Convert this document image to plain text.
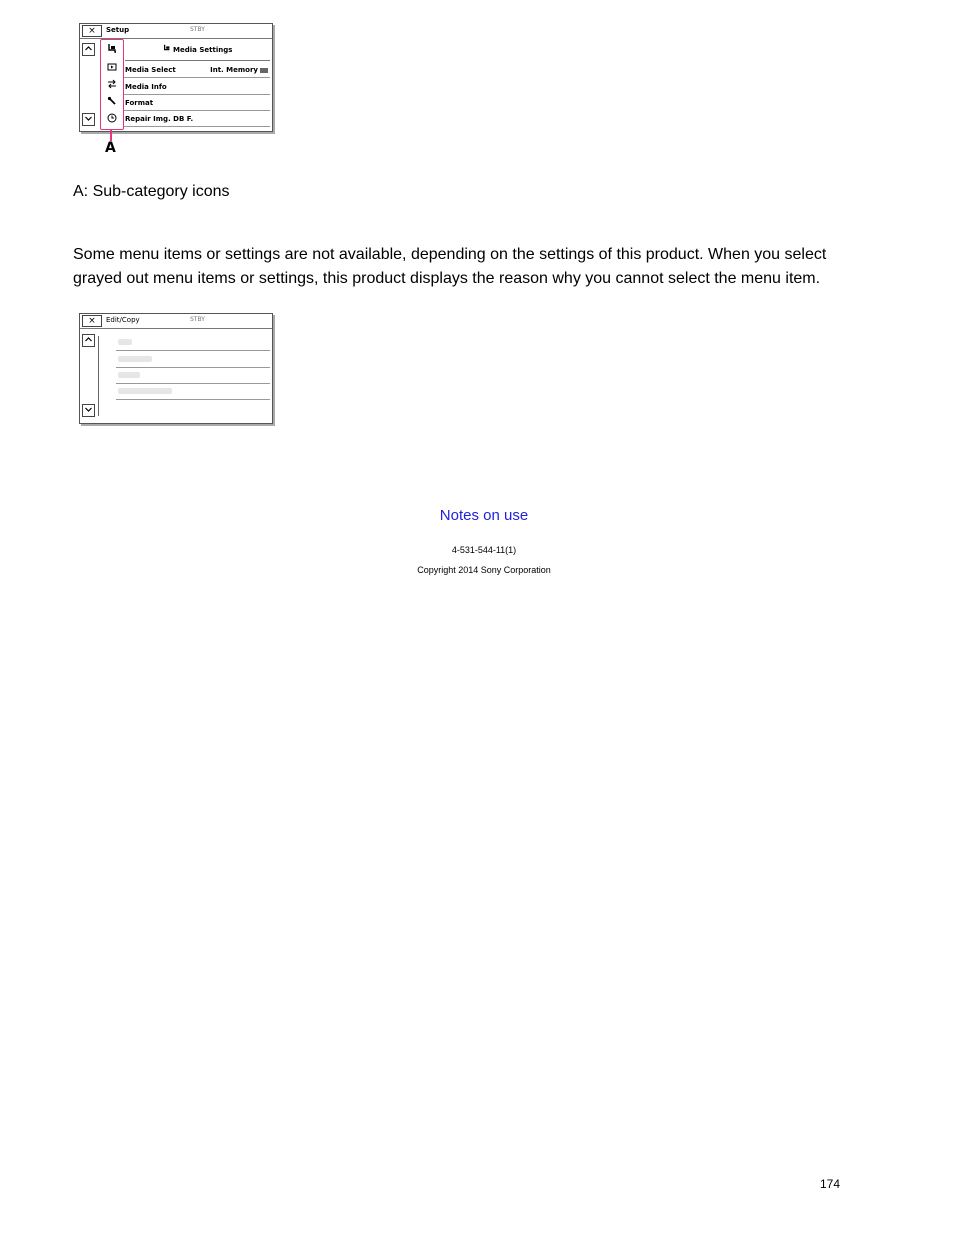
×	Setup	STBY
Media Settings
Media Select	Int. Memory
Media Info
Format
Repair Img. DB F.
A
A: Sub-category icons
Some menu items or settings are not available, depending on the settings of this product. When you select grayed out menu items or settings, this product displays the reason why you cannot select the menu item.
×	Edit/Copy	STBY
Notes on use
4-531-544-11(1)
Copyright 2014 Sony Corporation
174
